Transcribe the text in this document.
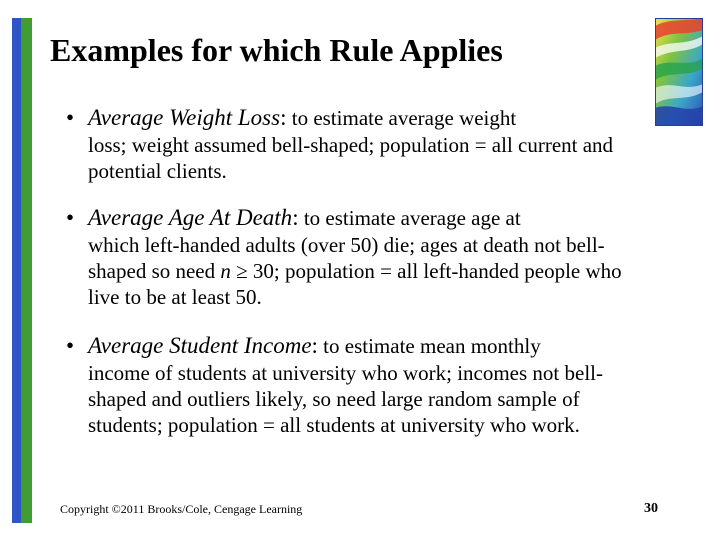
Examples for which Rule Applies
• Average Weight Loss: to estimate average weight
loss; weight assumed bell-shaped; population = all current and potential clients.
• Average Age At Death: to estimate average age at
which left-handed adults (over 50) die; ages at death not bell-shaped so need n ≥ 30; population = all left-handed people who live to be at least 50.
• Average Student Income: to estimate mean monthly
income of students at university who work; incomes not bell-shaped and outliers likely, so need large random sample of students; population = all students at university who work.
Copyright ©2011 Brooks/Cole, Cengage Learning	30
